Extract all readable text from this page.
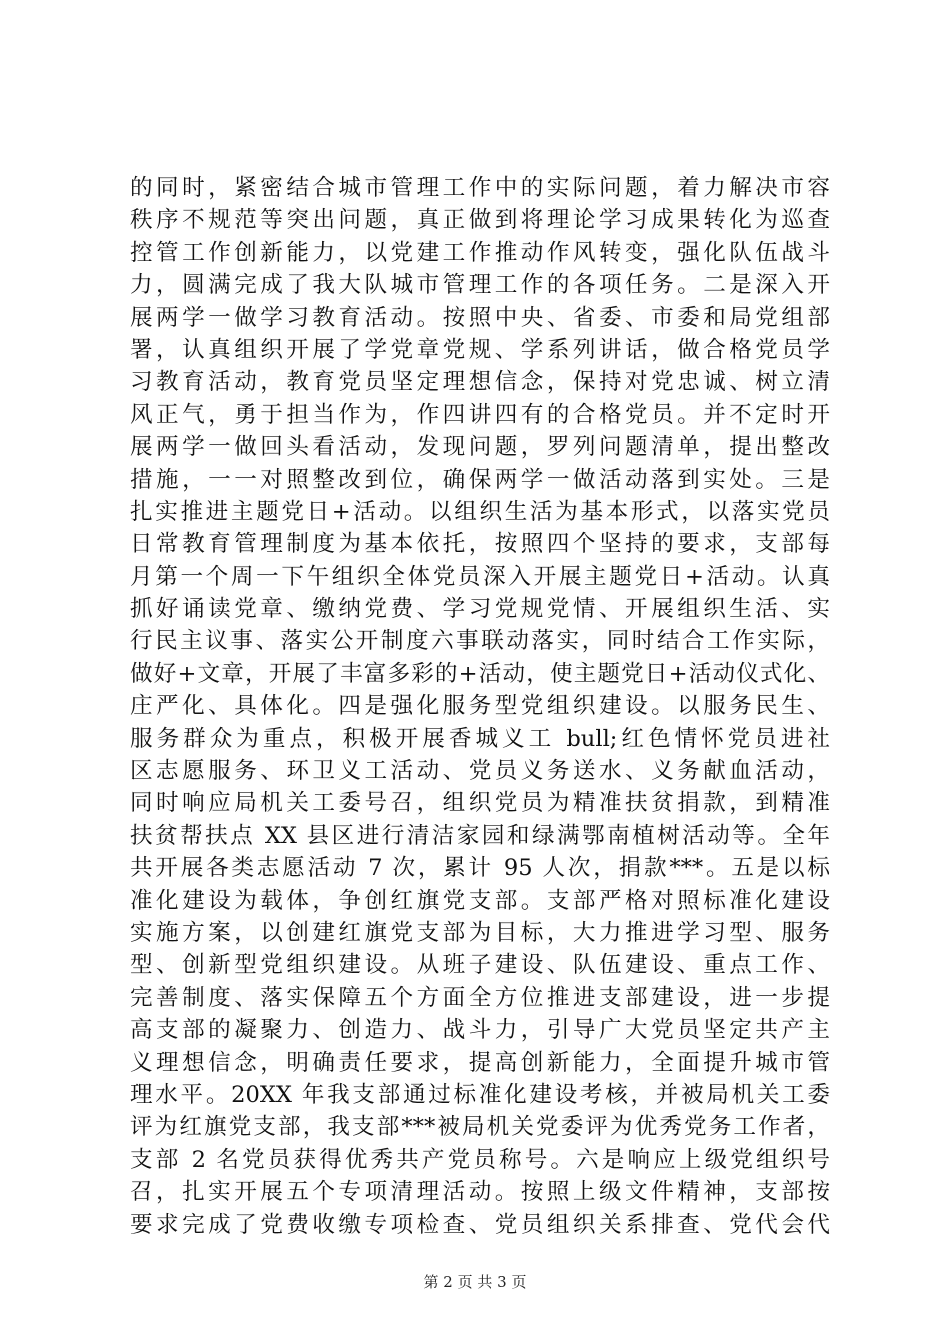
的同时，紧密结合城市管理工作中的实际问题，着力解决市容
秩序不规范等突出问题，真正做到将理论学习成果转化为巡查
控管工作创新能力，以党建工作推动作风转变，强化队伍战斗
力，圆满完成了我大队城市管理工作的各项任务。二是深入开
展两学一做学习教育活动。按照中央、省委、市委和局党组部
署，认真组织开展了学党章党规、学系列讲话，做合格党员学
习教育活动，教育党员坚定理想信念，保持对党忠诚、树立清
风正气，勇于担当作为，作四讲四有的合格党员。并不定时开
展两学一做回头看活动，发现问题，罗列问题清单，提出整改
措施，一一对照整改到位，确保两学一做活动落到实处。三是
扎实推进主题党日+活动。以组织生活为基本形式，以落实党员
日常教育管理制度为基本依托，按照四个坚持的要求，支部每
月第一个周一下午组织全体党员深入开展主题党日+活动。认真
抓好诵读党章、缴纳党费、学习党规党情、开展组织生活、实
行民主议事、落实公开制度六事联动落实，同时结合工作实际，
做好+文章，开展了丰富多彩的+活动，使主题党日+活动仪式化、
庄严化、具体化。四是强化服务型党组织建设。以服务民生、
服务群众为重点，积极开展香城义工 bull;红色情怀党员进社
区志愿服务、环卫义工活动、党员义务送水、义务献血活动，
同时响应局机关工委号召，组织党员为精准扶贫捐款，到精准
扶贫帮扶点 XX 县区进行清洁家园和绿满鄂南植树活动等。全年
共开展各类志愿活动 7 次，累计 95 人次，捐款***。五是以标
准化建设为载体，争创红旗党支部。支部严格对照标准化建设
实施方案，以创建红旗党支部为目标，大力推进学习型、服务
型、创新型党组织建设。从班子建设、队伍建设、重点工作、
完善制度、落实保障五个方面全方位推进支部建设，进一步提
高支部的凝聚力、创造力、战斗力，引导广大党员坚定共产主
义理想信念，明确责任要求，提高创新能力，全面提升城市管
理水平。20XX 年我支部通过标准化建设考核，并被局机关工委
评为红旗党支部，我支部***被局机关党委评为优秀党务工作者，
支部 2 名党员获得优秀共产党员称号。六是响应上级党组织号
召，扎实开展五个专项清理活动。按照上级文件精神，支部按
要求完成了党费收缴专项检查、党员组织关系排查、党代会代
第 2 页 共 3 页
